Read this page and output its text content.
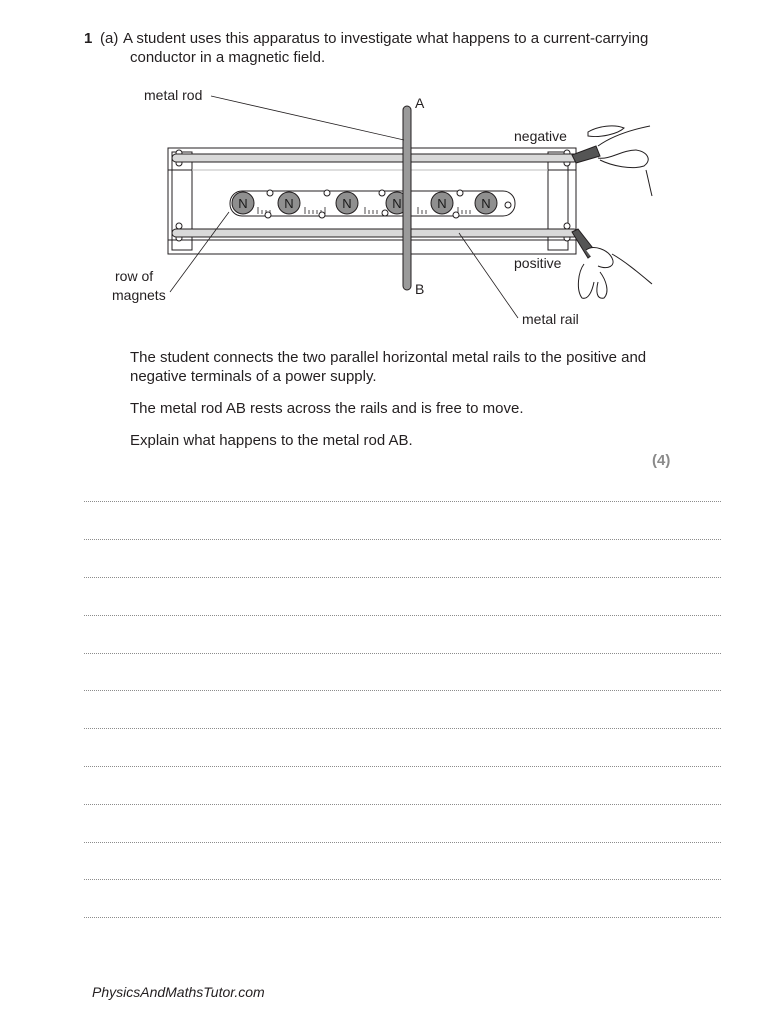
1 (a) A student uses this apparatus to investigate what happens to a current-carrying
conductor in a magnetic field.
N	N	N	N	N	N
metal rod	A
B
negative
positive
row of
magnets
metal rail
The student connects the two parallel horizontal metal rails to the positive and
negative terminals of a power supply.
The metal rod AB rests across the rails and is free to move.
Explain what happens to the metal rod AB.
(4)
PhysicsAndMathsTutor.com
